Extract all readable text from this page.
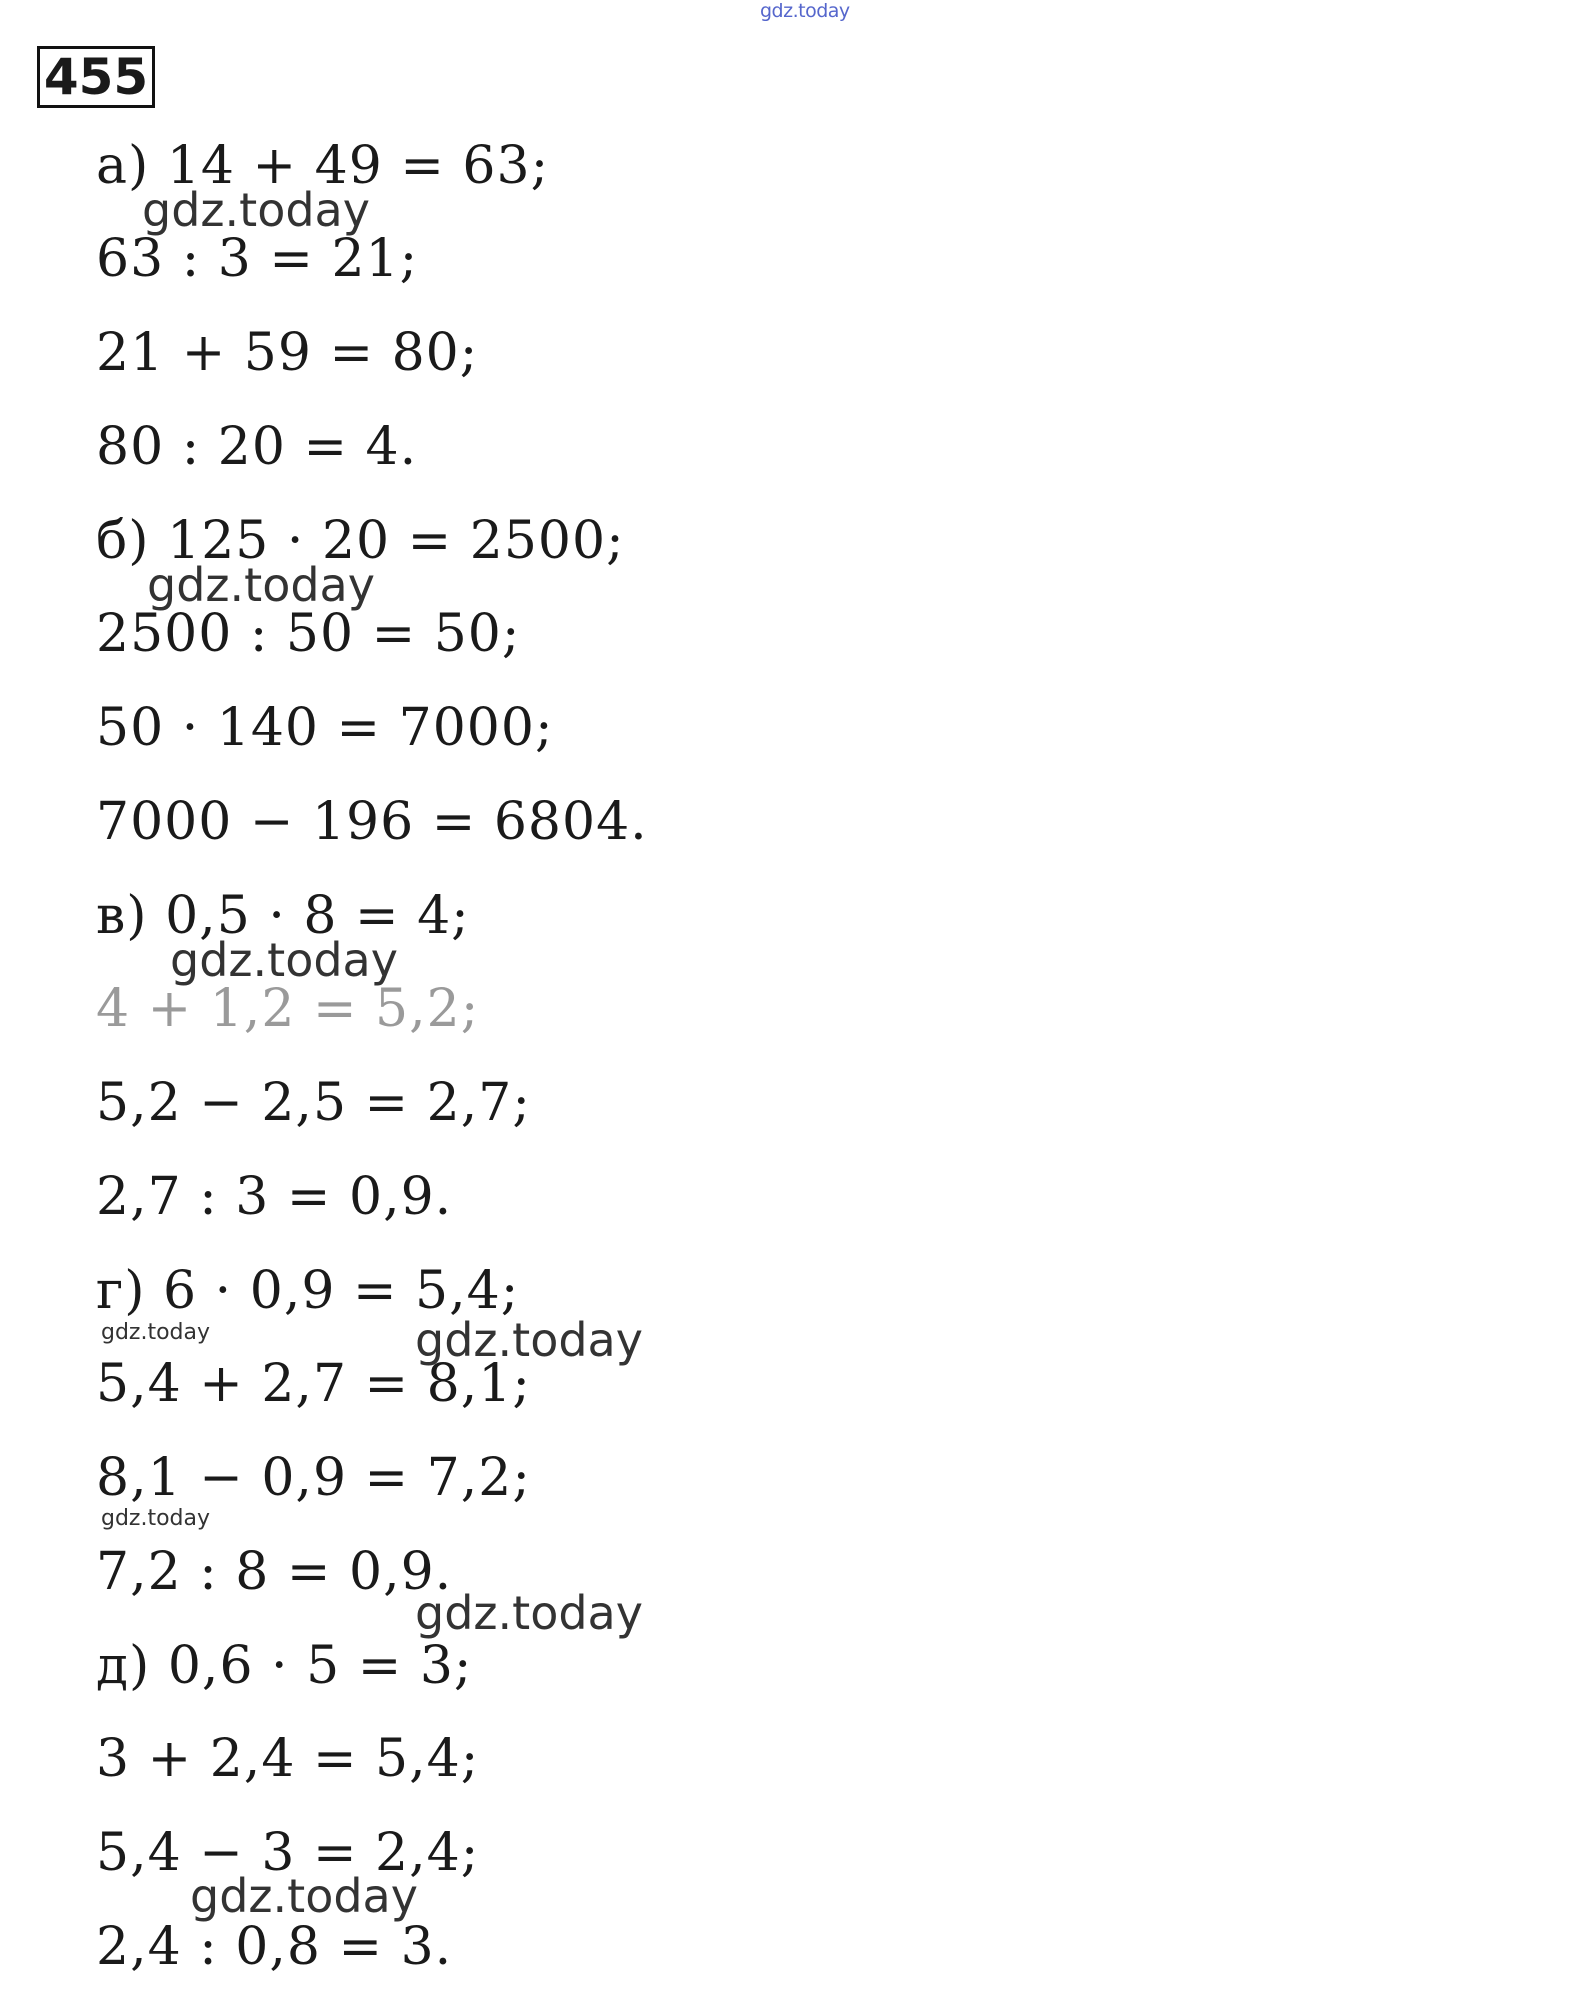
gdz.today
455
а) 14 + 49 = 63;
63 : 3 = 21;
21 + 59 = 80;
80 : 20 = 4.
б) 125 · 20 = 2500;
2500 : 50 = 50;
50 · 140 = 7000;
7000 − 196 = 6804.
в) 0,5 · 8 = 4;
4 + 1,2 = 5,2;
5,2 − 2,5 = 2,7;
2,7 : 3 = 0,9.
г) 6 · 0,9 = 5,4;
5,4 + 2,7 = 8,1;
8,1 − 0,9 = 7,2;
7,2 : 8 = 0,9.
д) 0,6 · 5 = 3;
3 + 2,4 = 5,4;
5,4 − 3 = 2,4;
2,4 : 0,8 = 3.
gdz.today
gdz.today
gdz.today
gdz.today	gdz.today
gdz.today
gdz.today
gdz.today
